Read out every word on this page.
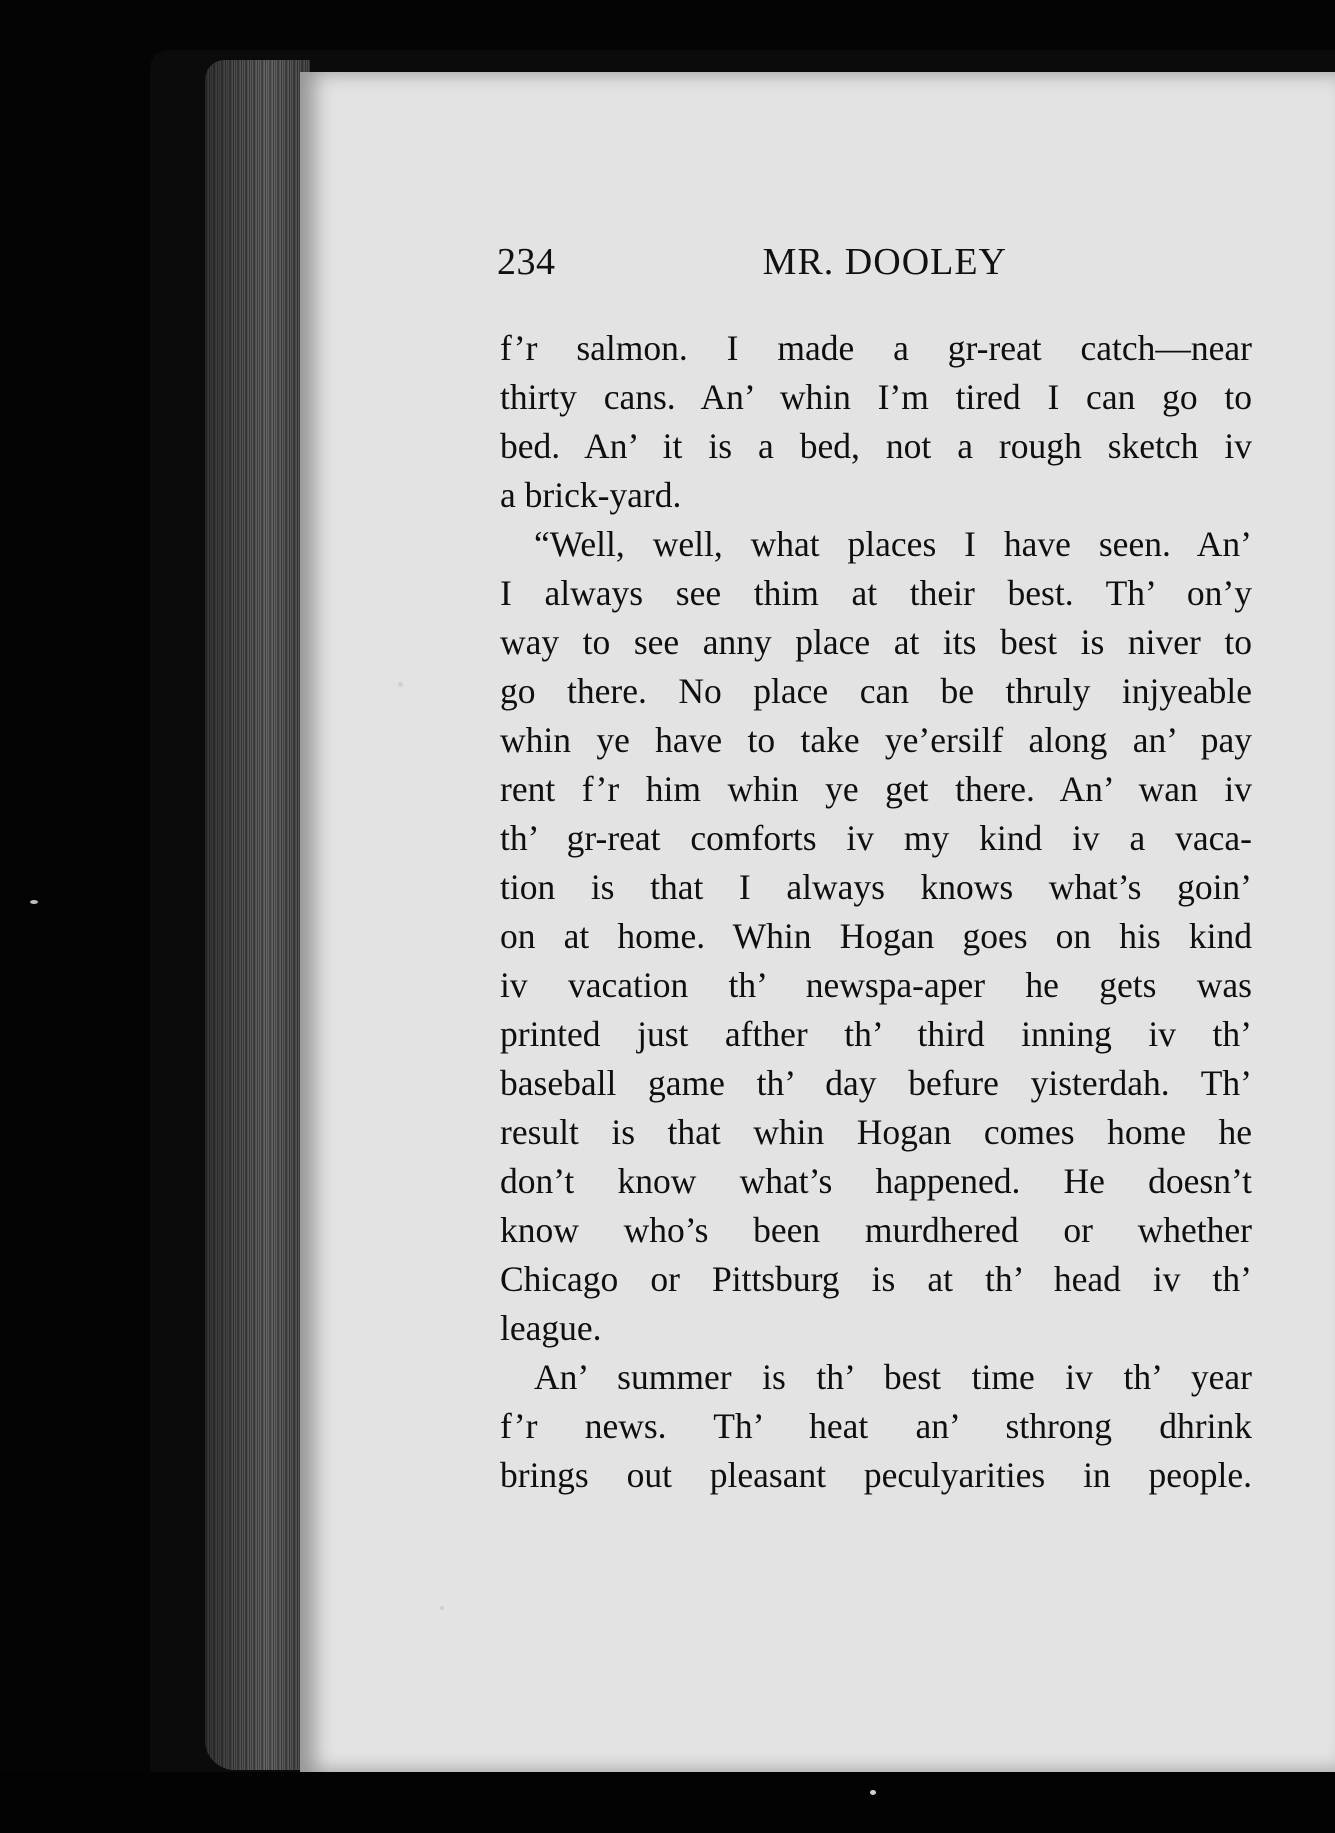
234	MR. DOOLEY
f’r salmon. I made a gr-reat catch—near
thirty cans. An’ whin I’m tired I can go to
bed. An’ it is a bed, not a rough sketch iv
a brick-yard.
“Well, well, what places I have seen. An’
I always see thim at their best. Th’ on’y
way to see anny place at its best is niver to
go there. No place can be thruly injyeable
whin ye have to take ye’ersilf along an’ pay
rent f’r him whin ye get there. An’ wan iv
th’ gr-reat comforts iv my kind iv a vaca-
tion is that I always knows what’s goin’
on at home. Whin Hogan goes on his kind
iv vacation th’ newspa-aper he gets was
printed just afther th’ third inning iv th’
baseball game th’ day befure yisterdah. Th’
result is that whin Hogan comes home he
don’t know what’s happened. He doesn’t
know who’s been murdhered or whether
Chicago or Pittsburg is at th’ head iv th’
league.
An’ summer is th’ best time iv th’ year
f’r news. Th’ heat an’ sthrong dhrink
brings out pleasant peculyarities in people.
